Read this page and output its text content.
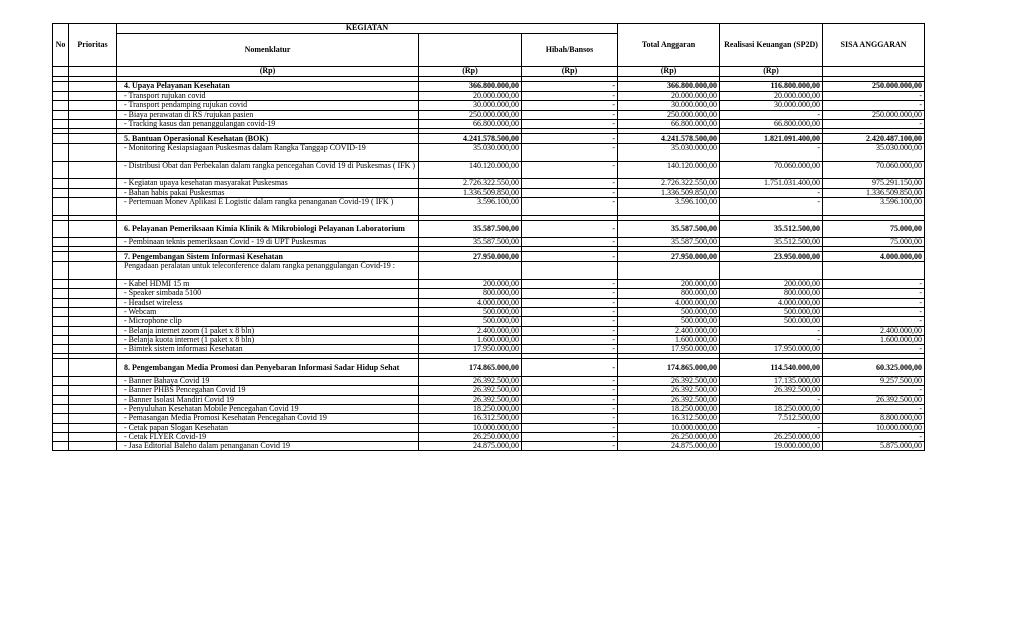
No	Prioritas	KEGIATAN			Total Anggaran	Realisasi Keuangan (SP2D)	SISA ANGGARAN
		Nomenklatur		Hibah/Bansos			
		(Rp)	(Rp)	(Rp)	(Rp)	(Rp)	

		4. Upaya Pelayanan Kesehatan	366.800.000,00	-	366.800.000,00	116.800.000,00	250.000.000,00
		- Transport rujukan covid	20.000.000,00	-	20.000.000,00	20.000.000,00	-
		- Transport pendamping rujukan covid	30.000.000,00	-	30.000.000,00	30.000.000,00	-
		- Biaya perawatan di RS /rujukan pasien	250.000.000,00	-	250.000.000,00	-	250.000.000,00
		- Tracking kasus dan penanggulangan covid-19	66.800.000,00	-	66.800.000,00	66.800.000,00	-

		5. Bantuan Operasional Kesehatan (BOK)	4.241.578.500,00	-	4.241.578.500,00	1.821.091.400,00	2.420.487.100,00
		- Monitoring Kesiapsiagaan Puskesmas dalam Rangka Tanggap COVID-19	35.030.000,00	-	35.030.000,00	-	35.030.000,00
		- Distribusi Obat dan Perbekalan dalam rangka pencegahan Covid 19 di Puskesmas ( IFK )	140.120.000,00	-	140.120.000,00	70.060.000,00	70.060.000,00
		- Kegiatan upaya kesehatan masyarakat Puskesmas	2.726.322.550,00	-	2.726.322.550,00	1.751.031.400,00	975.291.150,00
		- Bahan habis pakai Puskesmas	1.336.509.850,00	-	1.336.509.850,00	-	1.336.509.850,00
		- Pertemuan Monev Aplikasi E Logistic dalam rangka penanganan Covid-19 ( IFK )	3.596.100,00	-	3.596.100,00	-	3.596.100,00

		6. Pelayanan Pemeriksaan Kimia Klinik & Mikrobiologi Pelayanan Laboratorium	35.587.500,00	-	35.587.500,00	35.512.500,00	75.000,00
		- Pembinaan teknis pemeriksaan Covid - 19 di UPT Puskesmas	35.587.500,00	-	35.587.500,00	35.512.500,00	75.000,00

		7. Pengembangan Sistem Informasi Kesehatan	27.950.000,00	-	27.950.000,00	23.950.000,00	4.000.000,00
		Pengadaan peralatan untuk teleconference dalam rangka penanggulangan Covid-19 :					
		- Kabel HDMI 15 m	200.000,00	-	200.000,00	200.000,00	-
		- Speaker simbada 5100	800.000,00	-	800.000,00	800.000,00	-
		- Headset wireless	4.000.000,00	-	4.000.000,00	4.000.000,00	-
		- Webcam	500.000,00	-	500.000,00	500.000,00	-
		- Microphone clip	500.000,00	-	500.000,00	500.000,00	-
		- Belanja internet zoom (1 paket x 8 bln)	2.400.000,00	-	2.400.000,00	-	2.400.000,00
		- Belanja kuota internet (1 paket x 8 bln)	1.600.000,00	-	1.600.000,00	-	1.600.000,00
		- Bimtek sistem informasi Kesehatan	17.950.000,00	-	17.950.000,00	17.950.000,00	-

		8. Pengembangan Media Promosi dan Penyebaran Informasi Sadar Hidup Sehat	174.865.000,00	-	174.865.000,00	114.540.000,00	60.325.000,00
		- Banner Bahaya Covid 19	26.392.500,00	-	26.392.500,00	17.135.000,00	9.257.500,00
		- Banner PHBS Pencegahan Covid 19	26.392.500,00	-	26.392.500,00	26.392.500,00	-
		- Banner Isolasi Mandiri Covid 19	26.392.500,00	-	26.392.500,00	-	26.392.500,00
		- Penyuluhan Kesehatan Mobile Pencegahan Covid 19	18.250.000,00	-	18.250.000,00	18.250.000,00	-
		- Pemasangan Media Promosi Kesehatan Pencegahan Covid 19	16.312.500,00	-	16.312.500,00	7.512.500,00	8.800.000,00
		- Cetak papan Slogan Kesehatan	10.000.000,00	-	10.000.000,00	-	10.000.000,00
		- Cetak FLYER Covid-19	26.250.000,00	-	26.250.000,00	26.250.000,00	-
		- Jasa Editorial Baleho dalam penanganan Covid 19	24.875.000,00	-	24.875.000,00	19.000.000,00	5.875.000,00
